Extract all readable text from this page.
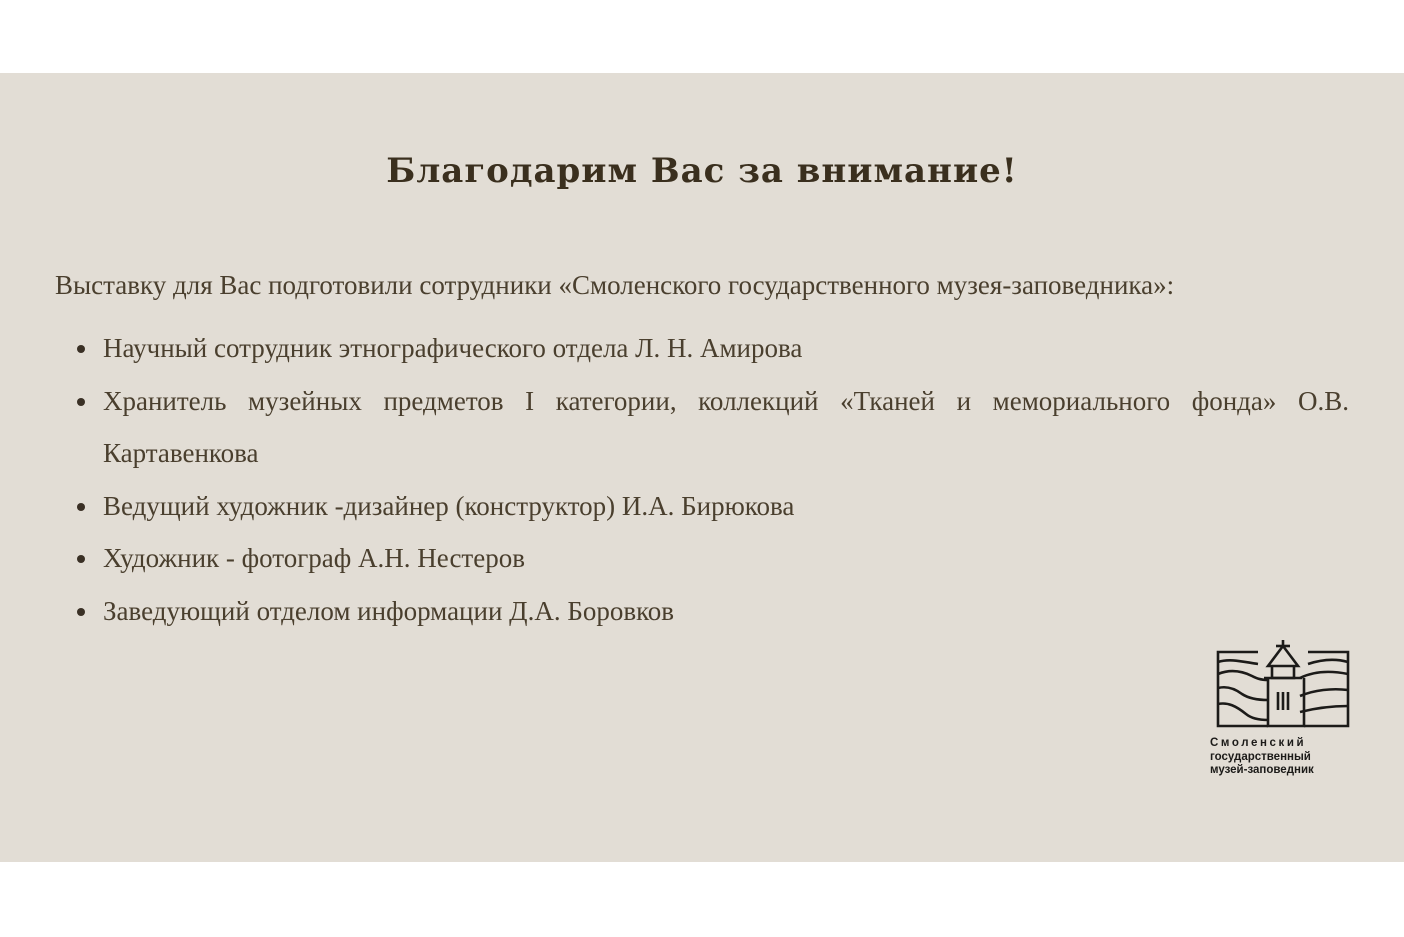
Благодарим Вас за внимание!

Выставку для Вас подготовили сотрудники «Смоленского государственного музея-заповедника»:

Научный сотрудник этнографического отдела Л. Н. Амирова
Хранитель музейных предметов I категории, коллекций «Тканей и мемориального фонда» О.В. Картавенкова
Ведущий художник -дизайнер (конструктор) И.А. Бирюкова
Художник - фотограф А.Н. Нестеров
Заведующий отделом информации Д.А. Боровков
Смоленский
государственный
музей-заповедник
